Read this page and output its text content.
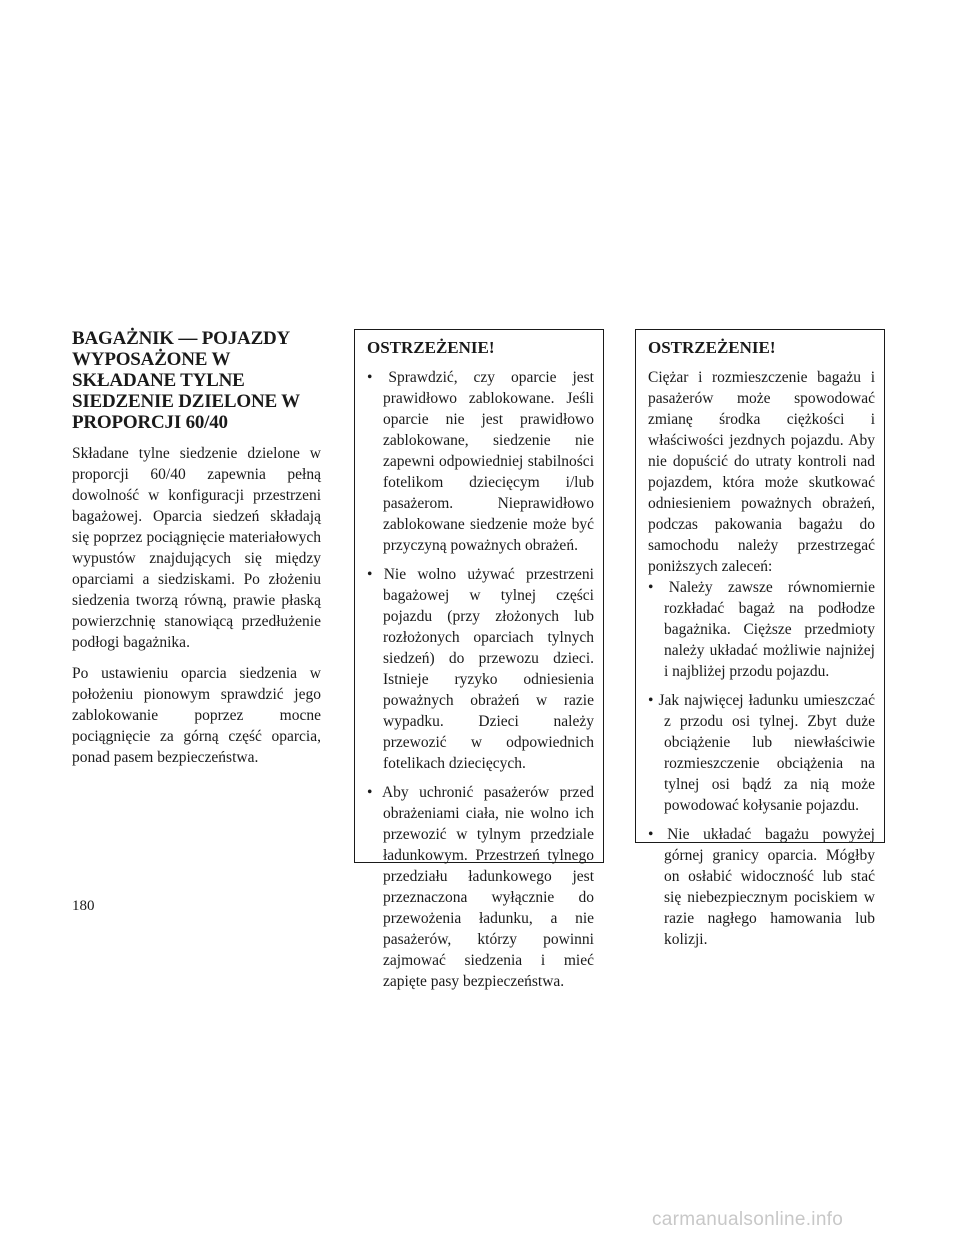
BAGAŻNIK — POJAZDY WYPOSAŻONE W SKŁADANE TYLNE SIEDZENIE DZIELONE W PROPORCJI 60/40

Składane tylne siedzenie dzielone w proporcji 60/40 zapewnia pełną dowolność w konfiguracji przestrzeni bagażowej. Oparcia siedzeń składają się poprzez pociągnięcie materiałowych wypustów znajdujących się między oparciami a siedziskami. Po złożeniu siedzenia tworzą równą, prawie płaską powierzchnię stanowiącą przedłużenie podłogi bagażnika.

Po ustawieniu oparcia siedzenia w położeniu pionowym sprawdzić jego zablokowanie poprzez mocne pociągnięcie za górną część oparcia, ponad pasem bezpieczeństwa.

OSTRZEŻENIE!
• Sprawdzić, czy oparcie jest prawidłowo zablokowane. Jeśli oparcie nie jest prawidłowo zablokowane, siedzenie nie zapewni odpowiedniej stabilności fotelikom dziecięcym i/lub pasażerom. Nieprawidłowo zablokowane siedzenie może być przyczyną poważnych obrażeń.
• Nie wolno używać przestrzeni bagażowej w tylnej części pojazdu (przy złożonych lub rozłożonych oparciach tylnych siedzeń) do przewozu dzieci. Istnieje ryzyko odniesienia poważnych obrażeń w razie wypadku. Dzieci należy przewozić w odpowiednich fotelikach dziecięcych.
• Aby uchronić pasażerów przed obrażeniami ciała, nie wolno ich przewozić w tylnym przedziale ładunkowym. Przestrzeń tylnego przedziału ładunkowego jest przeznaczona wyłącznie do przewożenia ładunku, a nie pasażerów, którzy powinni zajmować siedzenia i mieć zapięte pasy bezpieczeństwa.
OSTRZEŻENIE!

Ciężar i rozmieszczenie bagażu i pasażerów może spowodować zmianę środka ciężkości i właściwości jezdnych pojazdu. Aby nie dopuścić do utraty kontroli nad pojazdem, która może skutkować odniesieniem poważnych obrażeń, podczas pakowania bagażu do samochodu należy przestrzegać poniższych zaleceń:

• Należy zawsze równomiernie rozkładać bagaż na podłodze bagażnika. Cięższe przedmioty należy układać możliwie najniżej i najbliżej przodu pojazdu.
• Jak najwięcej ładunku umieszczać z przodu osi tylnej. Zbyt duże obciążenie lub niewłaściwie rozmieszczenie obciążenia na tylnej osi bądź za nią może powodować kołysanie pojazdu.
• Nie układać bagażu powyżej górnej granicy oparcia. Mógłby on osłabić widoczność lub stać się niebezpiecznym pociskiem w razie nagłego hamowania lub kolizji.
180
carmanualsonline.info
